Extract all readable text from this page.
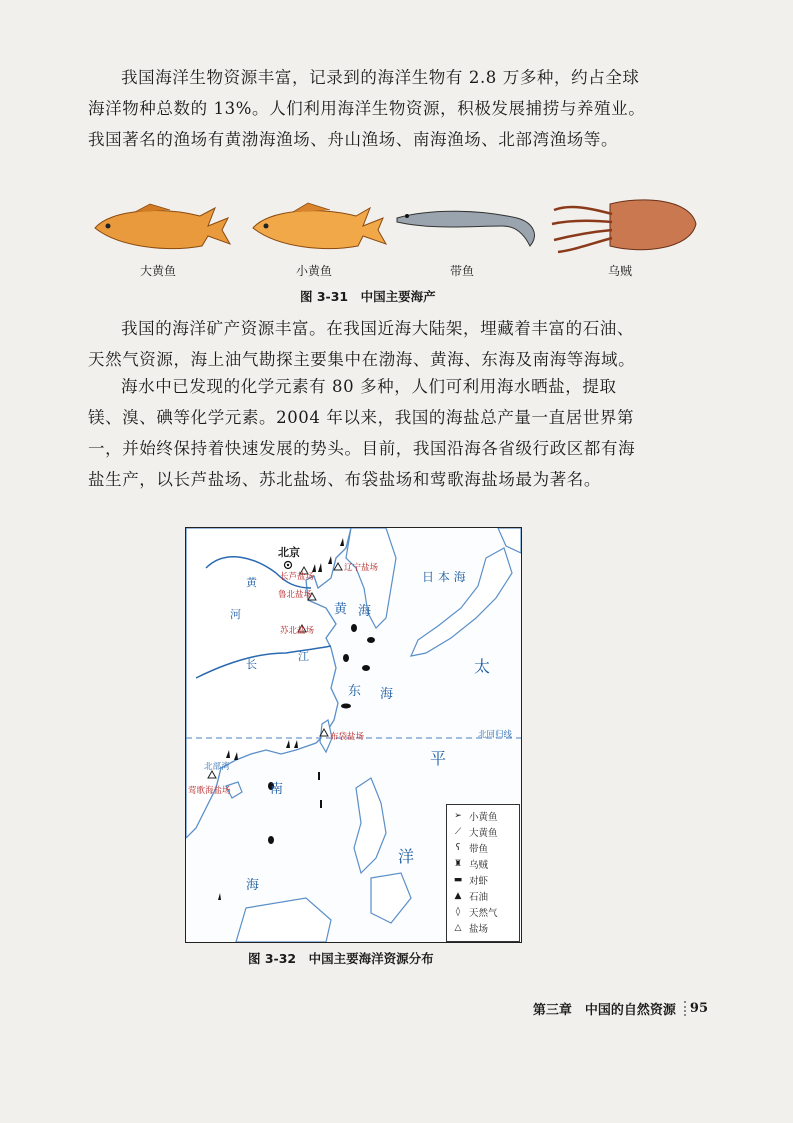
我国海洋生物资源丰富，记录到的海洋生物有 2.8 万多种，约占全球海洋物种总数的 13%。人们利用海洋生物资源，积极发展捕捞与养殖业。我国著名的渔场有黄渤海渔场、舟山渔场、南海渔场、北部湾渔场等。

大黄鱼	小黄鱼	带鱼	乌贼
图 3-31　中国主要海产

我国的海洋矿产资源丰富。在我国近海大陆架，埋藏着丰富的石油、天然气资源，海上油气勘探主要集中在渤海、黄海、东海及南海等海域。

海水中已发现的化学元素有 80 多种，人们可利用海水晒盐，提取镁、溴、碘等化学元素。2004 年以来，我国的海盐总产量一直居世界第一，并始终保持着快速发展的势头。目前，我国沿海各省级行政区都有海盐生产，以长芦盐场、苏北盐场、布袋盐场和莺歌海盐场最为著名。

北京
黄
河
长
江
黄 海
东 海
南
海
日 本 海
太
平
洋
北回归线
长芦盐场
辽宁盐场
鲁北盐场
苏北盐场
布袋盐场
北部湾
莺歌海盐场
➢ 小黄鱼
⟋ 大黄鱼
ʕ 带鱼
♜ 乌贼
▬ 对虾
▲ 石油
◊ 天然气
△ 盐场
图 3-32　中国主要海洋资源分布
第三章　中国的自然资源	95
